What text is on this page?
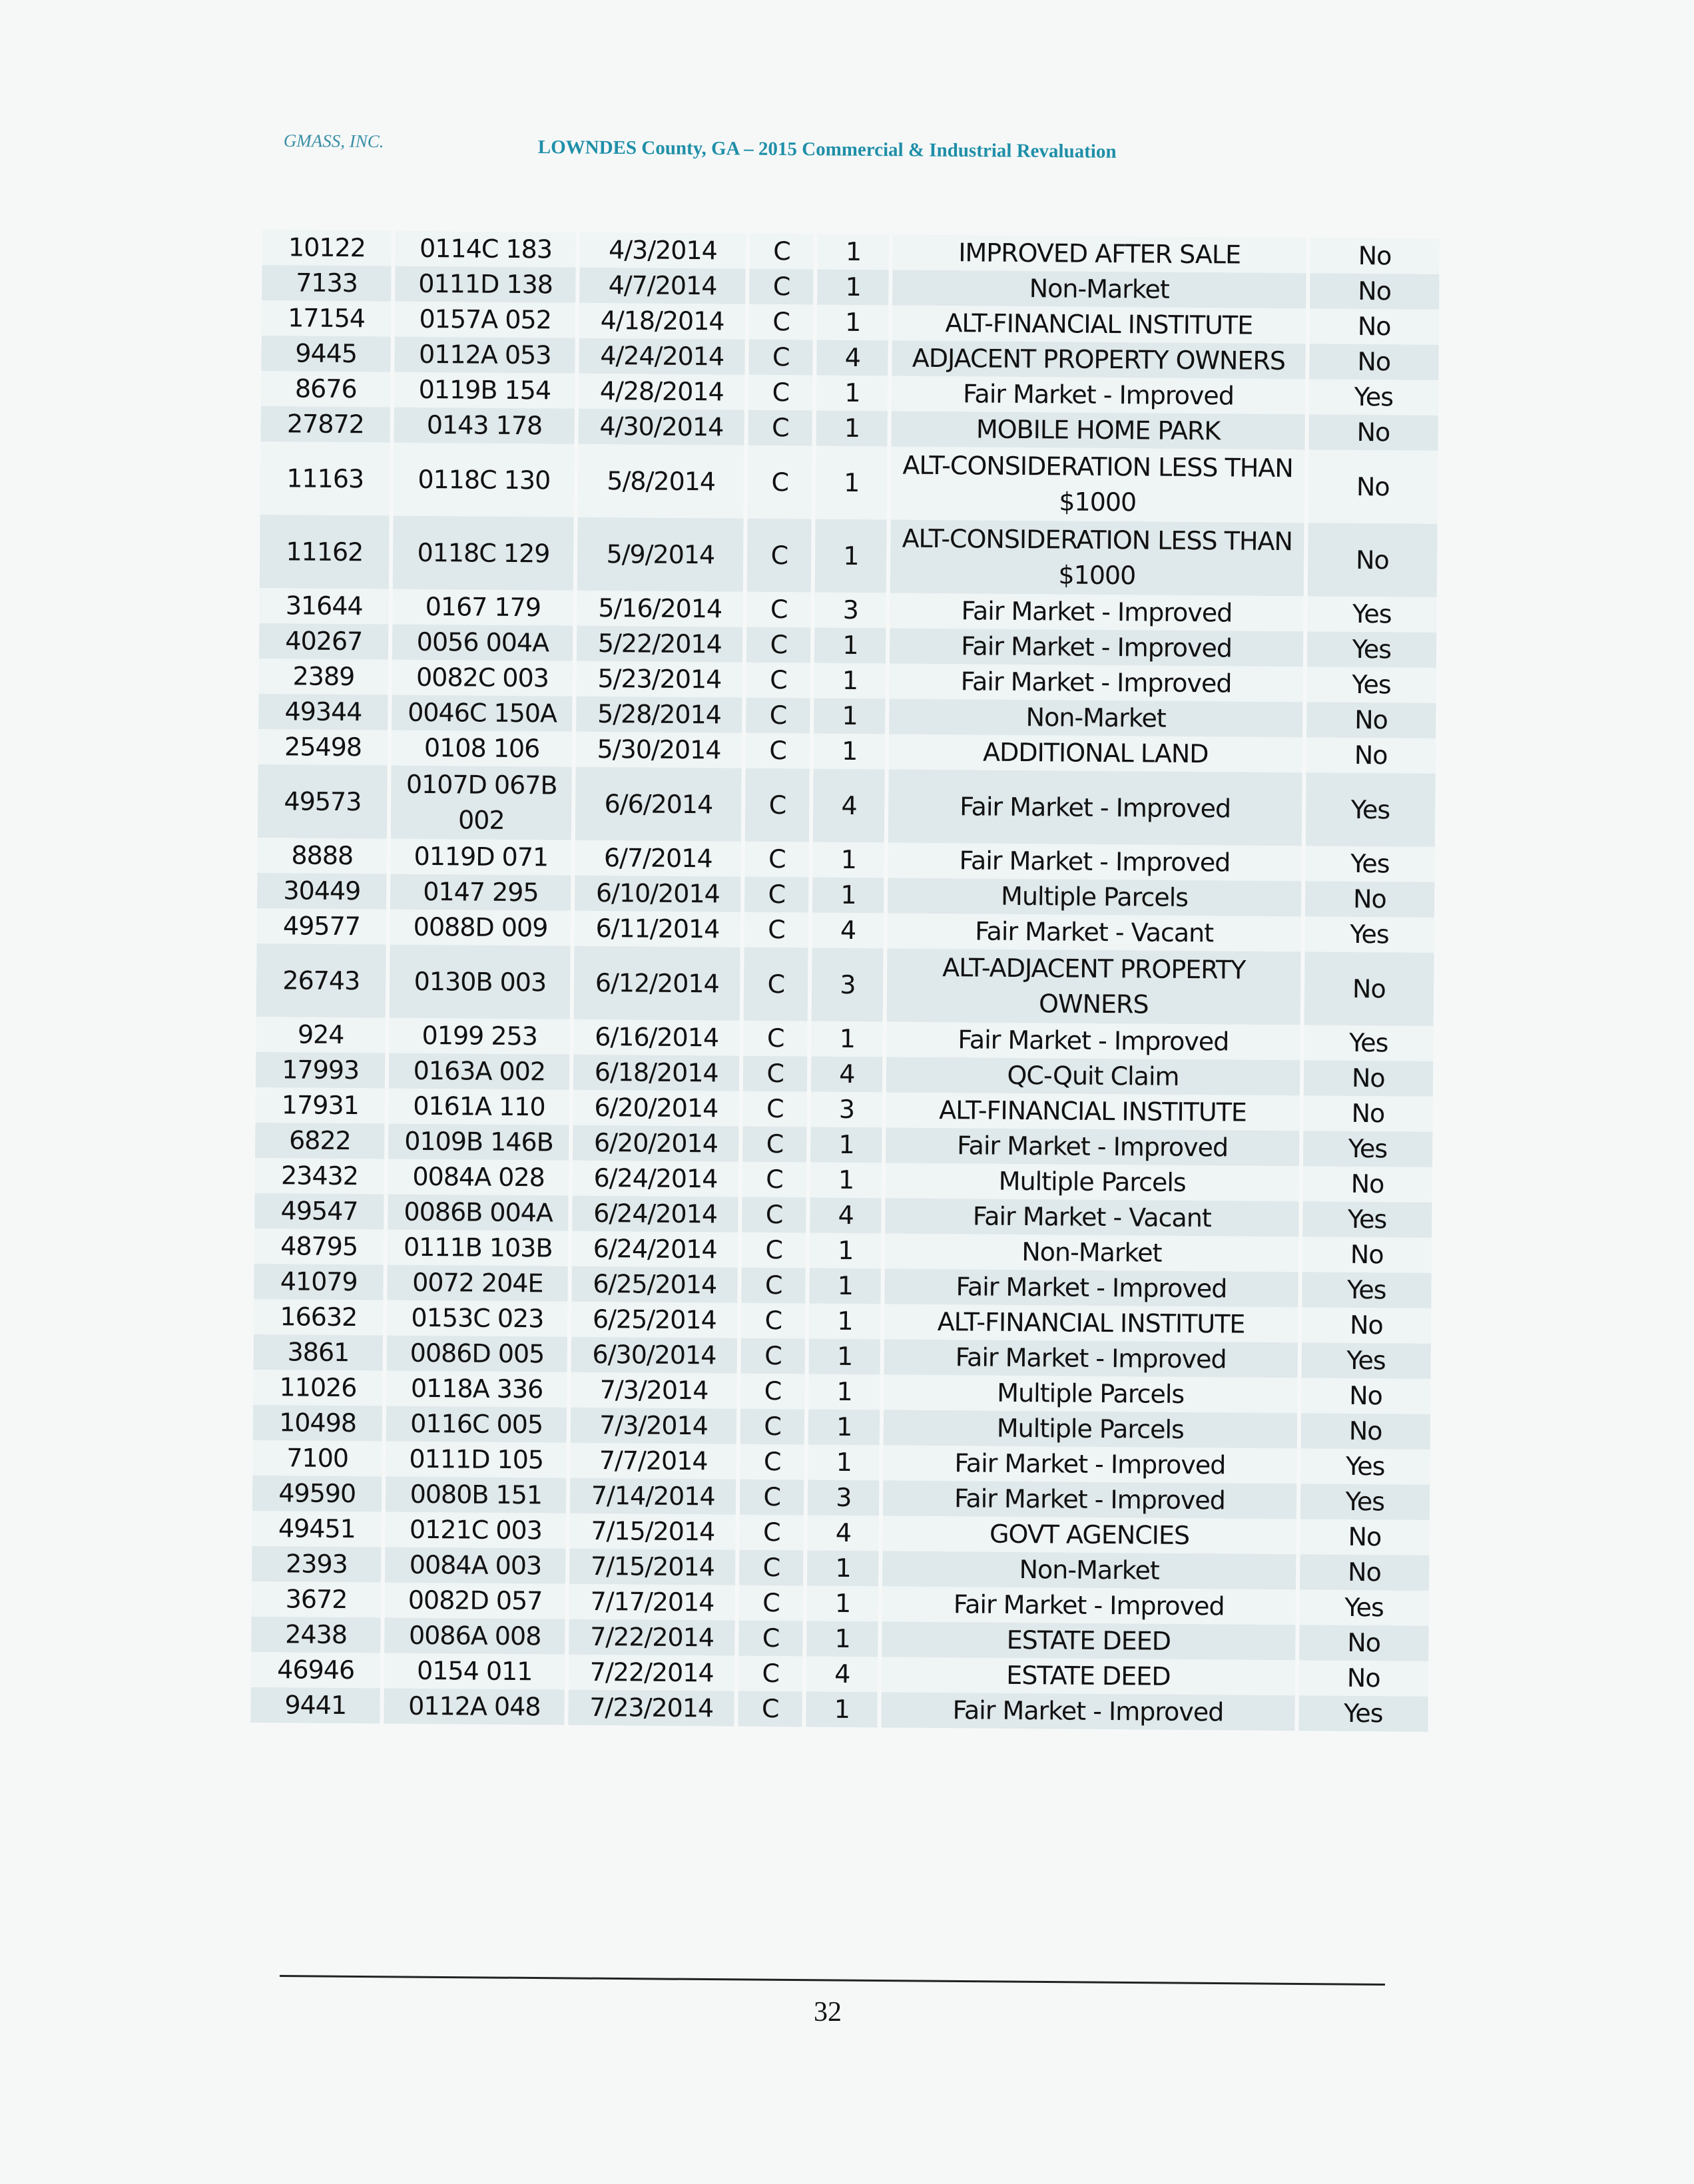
GMASS, INC.	LOWNDES County, GA – 2015 Commercial & Industrial Revaluation
10122	0114C 183	4/3/2014	C	1	IMPROVED AFTER SALE	No
7133	0111D 138	4/7/2014	C	1	Non-Market	No
17154	0157A 052	4/18/2014	C	1	ALT-FINANCIAL INSTITUTE	No
9445	0112A 053	4/24/2014	C	4	ADJACENT PROPERTY OWNERS	No
8676	0119B 154	4/28/2014	C	1	Fair Market - Improved	Yes
27872	0143 178	4/30/2014	C	1	MOBILE HOME PARK	No
11163	0118C 130	5/8/2014	C	1	ALT-CONSIDERATION LESS THAN $1000	No
11162	0118C 129	5/9/2014	C	1	ALT-CONSIDERATION LESS THAN $1000	No
31644	0167 179	5/16/2014	C	3	Fair Market - Improved	Yes
40267	0056 004A	5/22/2014	C	1	Fair Market - Improved	Yes
2389	0082C 003	5/23/2014	C	1	Fair Market - Improved	Yes
49344	0046C 150A	5/28/2014	C	1	Non-Market	No
25498	0108 106	5/30/2014	C	1	ADDITIONAL LAND	No
49573	0107D 067B 002	6/6/2014	C	4	Fair Market - Improved	Yes
8888	0119D 071	6/7/2014	C	1	Fair Market - Improved	Yes
30449	0147 295	6/10/2014	C	1	Multiple Parcels	No
49577	0088D 009	6/11/2014	C	4	Fair Market - Vacant	Yes
26743	0130B 003	6/12/2014	C	3	ALT-ADJACENT PROPERTY OWNERS	No
924	0199 253	6/16/2014	C	1	Fair Market - Improved	Yes
17993	0163A 002	6/18/2014	C	4	QC-Quit Claim	No
17931	0161A 110	6/20/2014	C	3	ALT-FINANCIAL INSTITUTE	No
6822	0109B 146B	6/20/2014	C	1	Fair Market - Improved	Yes
23432	0084A 028	6/24/2014	C	1	Multiple Parcels	No
49547	0086B 004A	6/24/2014	C	4	Fair Market - Vacant	Yes
48795	0111B 103B	6/24/2014	C	1	Non-Market	No
41079	0072 204E	6/25/2014	C	1	Fair Market - Improved	Yes
16632	0153C 023	6/25/2014	C	1	ALT-FINANCIAL INSTITUTE	No
3861	0086D 005	6/30/2014	C	1	Fair Market - Improved	Yes
11026	0118A 336	7/3/2014	C	1	Multiple Parcels	No
10498	0116C 005	7/3/2014	C	1	Multiple Parcels	No
7100	0111D 105	7/7/2014	C	1	Fair Market - Improved	Yes
49590	0080B 151	7/14/2014	C	3	Fair Market - Improved	Yes
49451	0121C 003	7/15/2014	C	4	GOVT AGENCIES	No
2393	0084A 003	7/15/2014	C	1	Non-Market	No
3672	0082D 057	7/17/2014	C	1	Fair Market - Improved	Yes
2438	0086A 008	7/22/2014	C	1	ESTATE DEED	No
46946	0154 011	7/22/2014	C	4	ESTATE DEED	No
9441	0112A 048	7/23/2014	C	1	Fair Market - Improved	Yes
32
